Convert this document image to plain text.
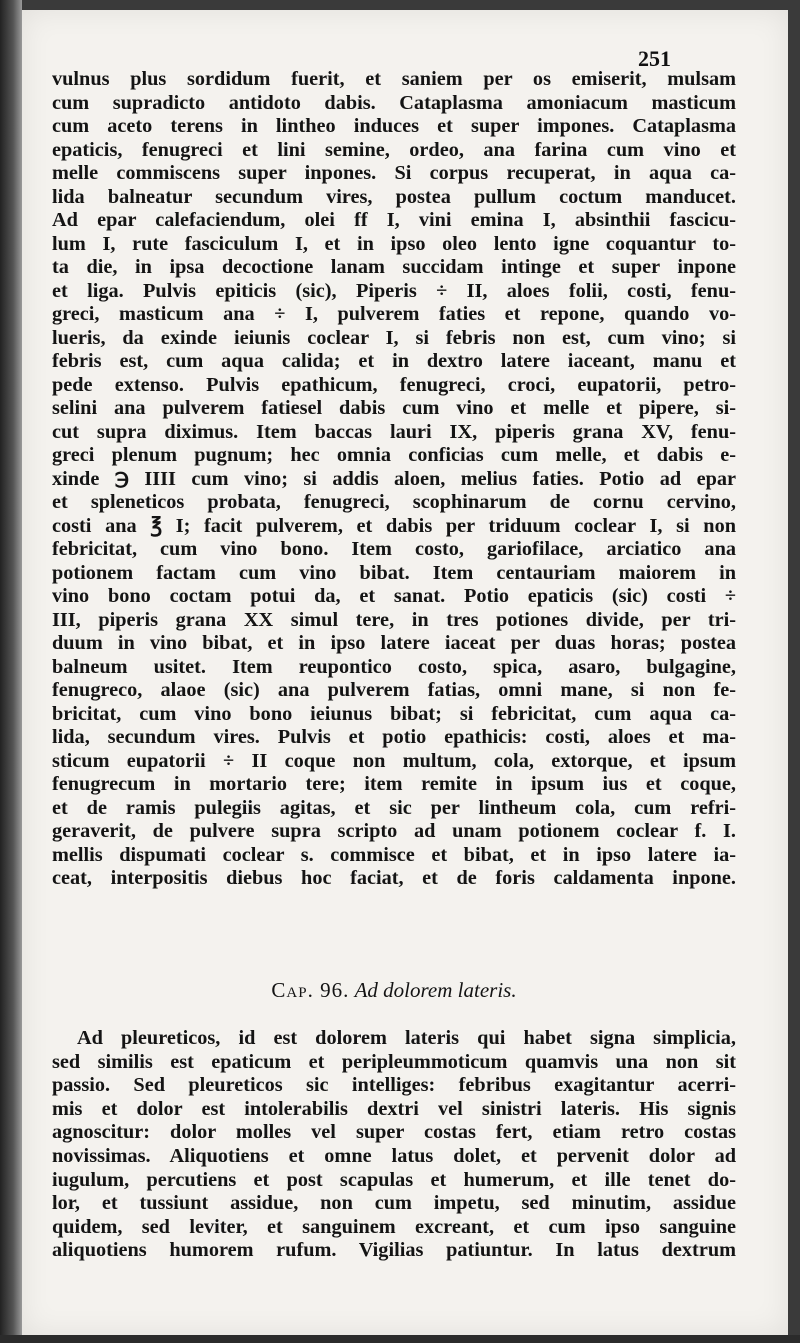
251
vulnus plus sordidum fuerit, et saniem per os emiserit, mulsam
cum supradicto antidoto dabis. Cataplasma amoniacum masticum
cum aceto terens in lintheo induces et super impones. Cataplasma
epaticis, fenugreci et lini semine, ordeo, ana farina cum vino et
melle commiscens super inpones. Si corpus recuperat, in aqua ca-
lida balneatur secundum vires, postea pullum coctum manducet.
Ad epar calefaciendum, olei ff I, vini emina I, absinthii fascicu-
lum I, rute fasciculum I, et in ipso oleo lento igne coquantur to-
ta die, in ipsa decoctione lanam succidam intinge et super inpone
et liga. Pulvis epiticis (sic), Piperis ÷ II, aloes folii, costi, fenu-
greci, masticum ana ÷ I, pulverem faties et repone, quando vo-
lueris, da exinde ieiunis coclear I, si febris non est, cum vino; si
febris est, cum aqua calida; et in dextro latere iaceant, manu et
pede extenso. Pulvis epathicum, fenugreci, croci, eupatorii, petro-
selini ana pulverem fatiesel dabis cum vino et melle et pipere, si-
cut supra diximus. Item baccas lauri IX, piperis grana XV, fenu-
greci plenum pugnum; hec omnia conficias cum melle, et dabis e-
xinde ℈ IIII cum vino; si addis aloen, melius faties. Potio ad epar
et spleneticos probata, fenugreci, scophinarum de cornu cervino,
costi ana ℥ I; facit pulverem, et dabis per triduum coclear I, si non
febricitat, cum vino bono. Item costo, gariofilace, arciatico ana
potionem factam cum vino bibat. Item centauriam maiorem in
vino bono coctam potui da, et sanat. Potio epaticis (sic) costi ÷
III, piperis grana XX simul tere, in tres potiones divide, per tri-
duum in vino bibat, et in ipso latere iaceat per duas horas; postea
balneum usitet. Item reupontico costo, spica, asaro, bulgagine,
fenugreco, alaoe (sic) ana pulverem fatias, omni mane, si non fe-
bricitat, cum vino bono ieiunus bibat; si febricitat, cum aqua ca-
lida, secundum vires. Pulvis et potio epathicis: costi, aloes et ma-
sticum eupatorii ÷ II coque non multum, cola, extorque, et ipsum
fenugrecum in mortario tere; item remite in ipsum ius et coque,
et de ramis pulegiis agitas, et sic per lintheum cola, cum refri-
geraverit, de pulvere supra scripto ad unam potionem coclear f. I.
mellis dispumati coclear s. commisce et bibat, et in ipso latere ia-
ceat, interpositis diebus hoc faciat, et de foris caldamenta inpone.
Cap. 96. Ad dolorem lateris.
Ad pleureticos, id est dolorem lateris qui habet signa simplicia,
sed similis est epaticum et peripleummoticum quamvis una non sit
passio. Sed pleureticos sic intelliges: febribus exagitantur acerri-
mis et dolor est intolerabilis dextri vel sinistri lateris. His signis
agnoscitur: dolor molles vel super costas fert, etiam retro costas
novissimas. Aliquotiens et omne latus dolet, et pervenit dolor ad
iugulum, percutiens et post scapulas et humerum, et ille tenet do-
lor, et tussiunt assidue, non cum impetu, sed minutim, assidue
quidem, sed leviter, et sanguinem excreant, et cum ipso sanguine
aliquotiens humorem rufum. Vigilias patiuntur. In latus dextrum
